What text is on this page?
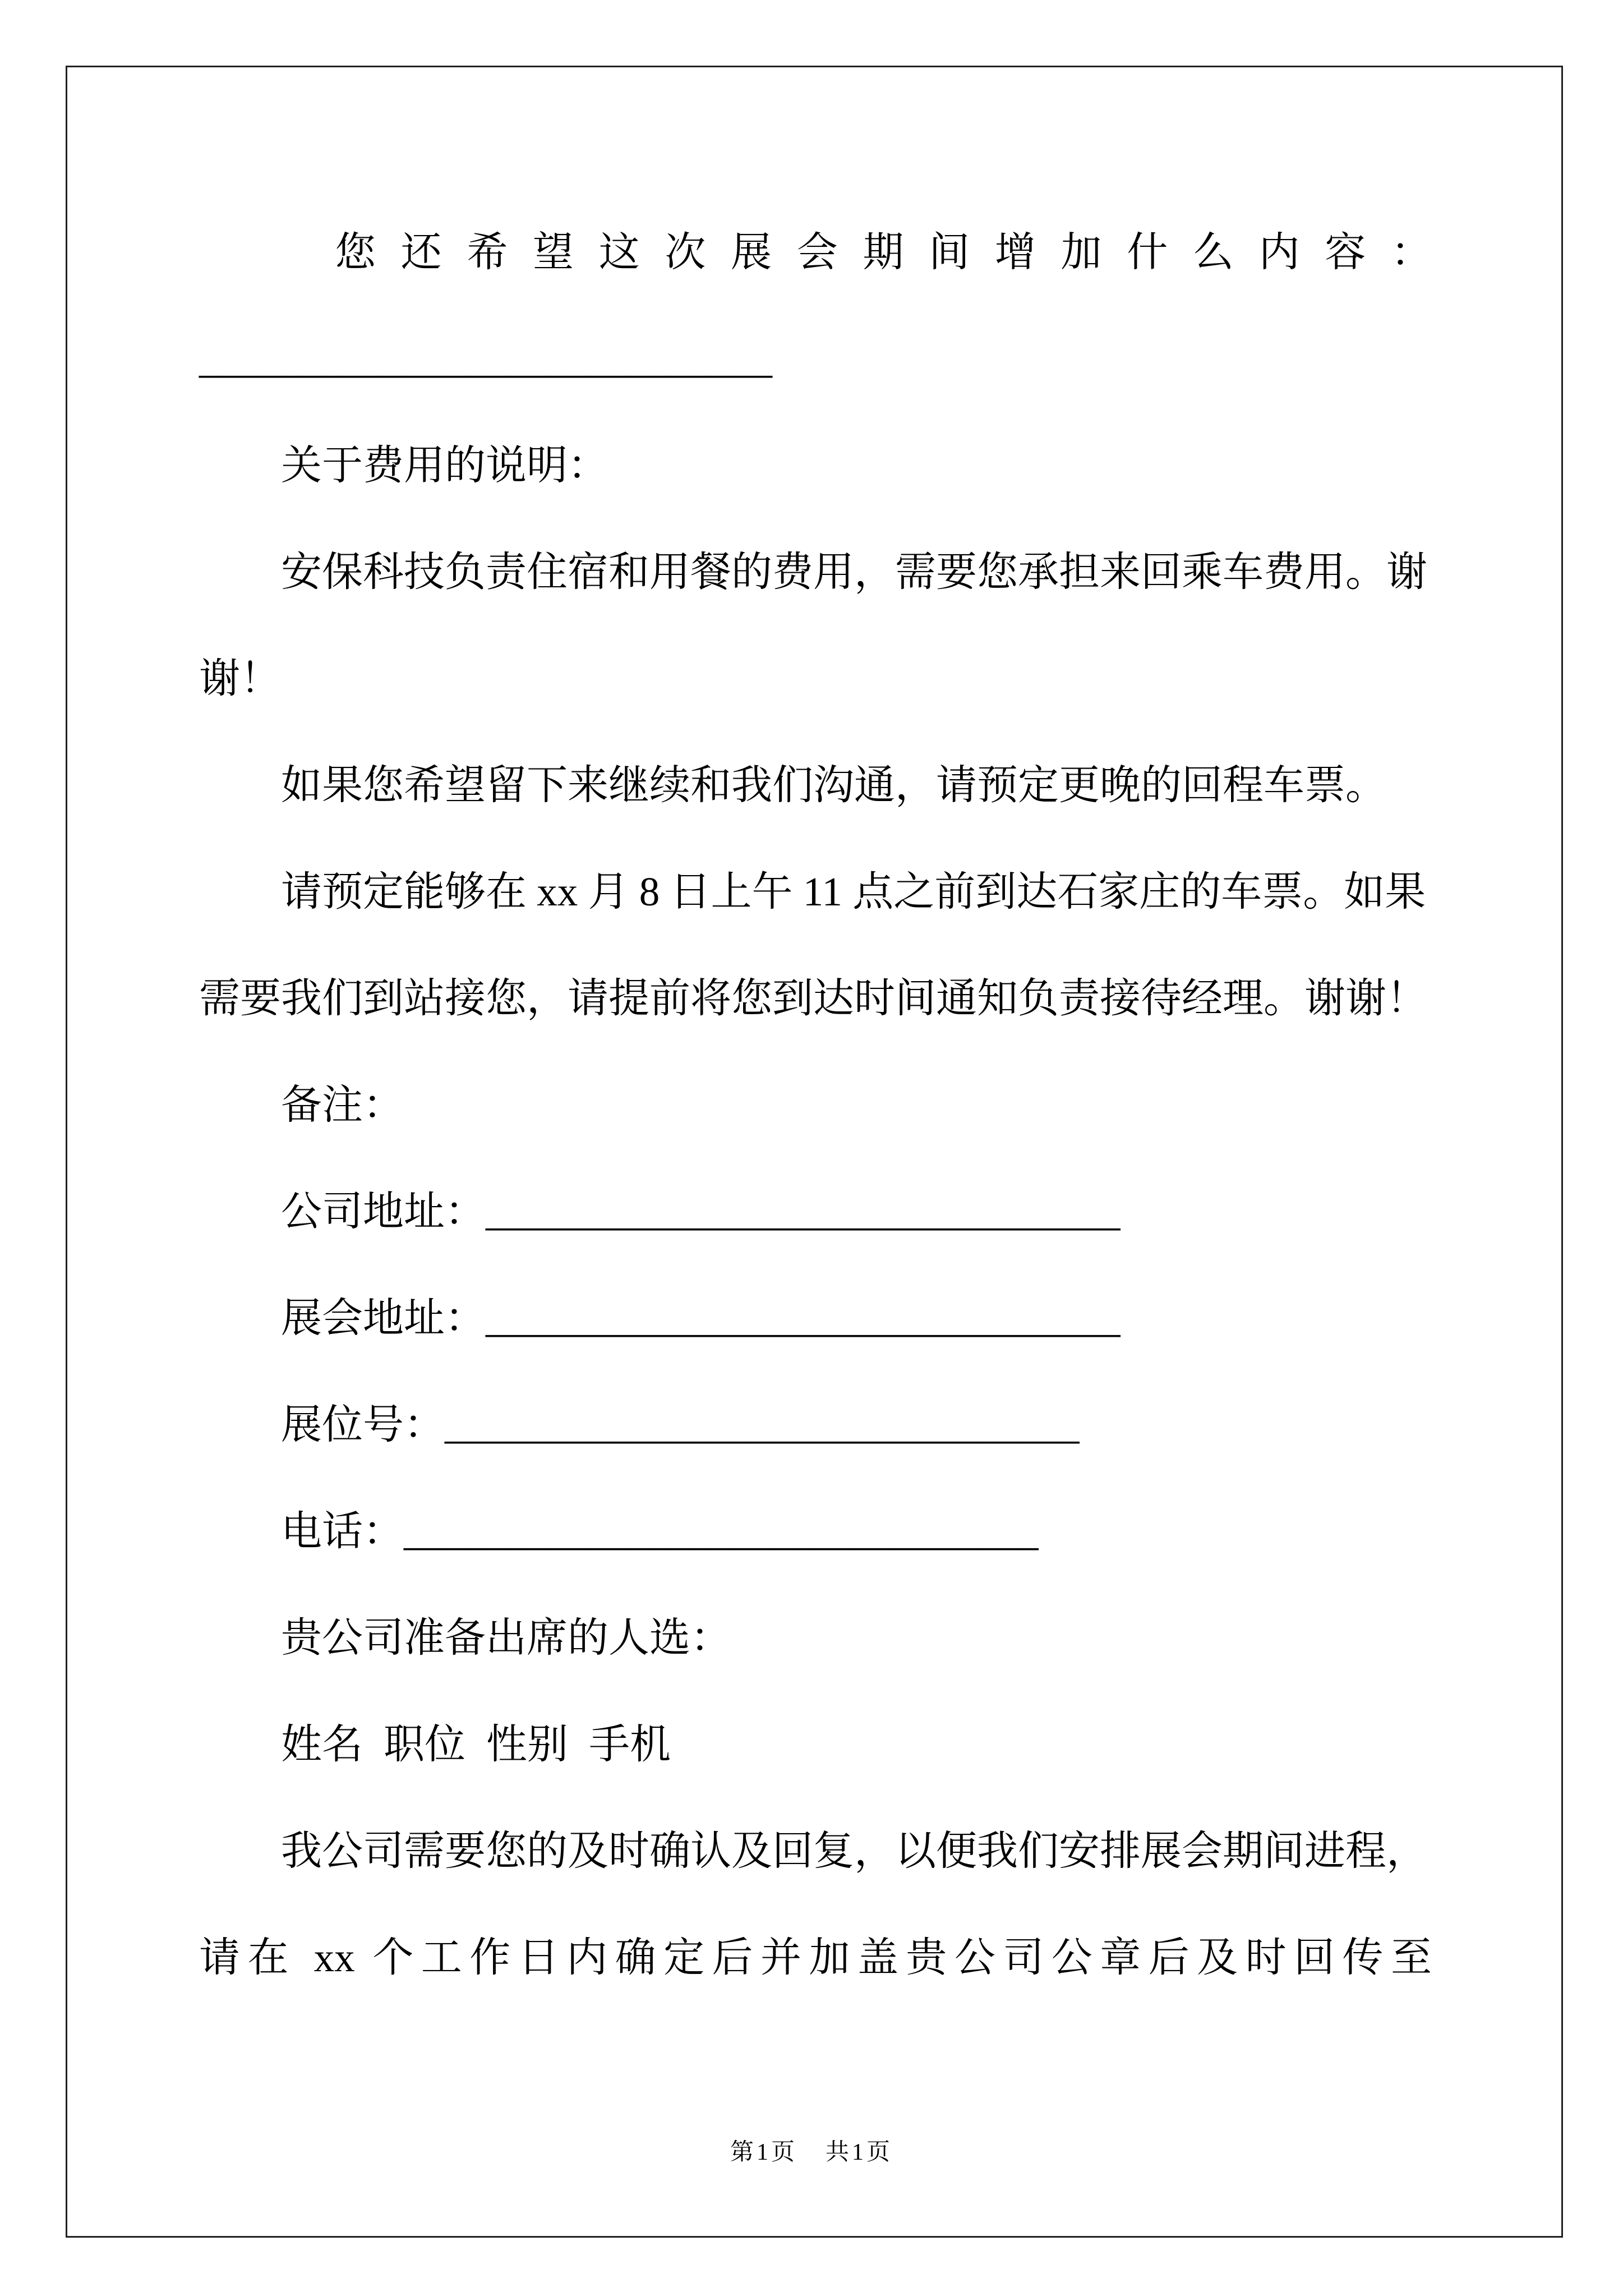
您还希望这次展会期间增加什么内容：
____________________________
关于费用的说明：
安保科技负责住宿和用餐的费用，需要您承担来回乘车费用。谢
谢！
如果您希望留下来继续和我们沟通，请预定更晚的回程车票。
请预定能够在 xx 月 8 日上午 11 点之前到达石家庄的车票。如果
需要我们到站接您，请提前将您到达时间通知负责接待经理。谢谢！
备注：
公司地址：_______________________________
展会地址：_______________________________
展位号：_______________________________
电话：_______________________________
贵公司准备出席的人选：
姓名 职位 性别 手机
我公司需要您的及时确认及回复，以便我们安排展会期间进程，
请在 xx 个工作日内确定后并加盖贵公司公章后及时回传至
第1页 共1页
